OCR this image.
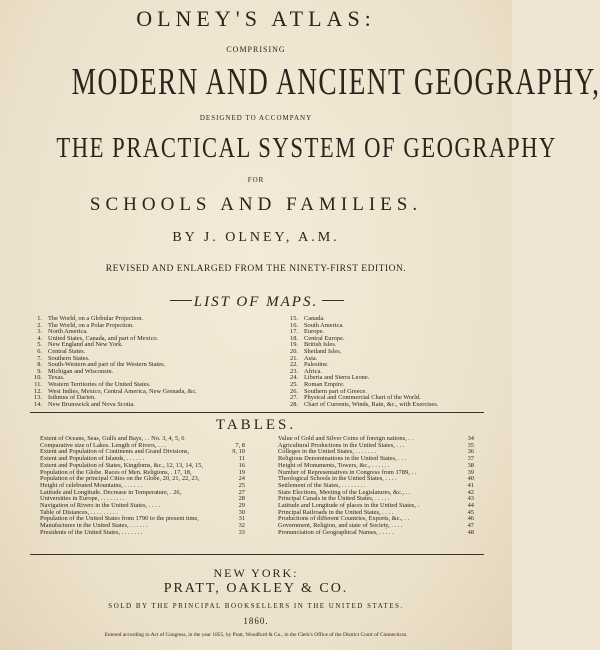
OLNEY'S ATLAS:
COMPRISING
MODERN AND ANCIENT GEOGRAPHY,
DESIGNED TO ACCOMPANY
THE PRACTICAL SYSTEM OF GEOGRAPHY
FOR
SCHOOLS AND FAMILIES.
BY J. OLNEY, A.M.
REVISED AND ENLARGED FROM THE NINETY-FIRST EDITION.
LIST OF MAPS.
1. The World, on a Globular Projection.
2. The World, on a Polar Projection.
3. North America.
4. United States, Canada, and part of Mexico.
5. New England and New York.
6. Central States.
7. Southern States.
8. South-Western and part of the Western States.
9. Michigan and Wisconsin.
10. Texas.
11. Western Territories of the United States.
12. West Indies, Mexico, Central America, New Grenada, &c.
13. Isthmus of Darien.
14. New Brunswick and Nova Scotia.
15. Canada.
16. South America.
17. Europe.
18. Central Europe.
19. British Isles.
20. Shetland Isles.
21. Asia.
22. Palestine.
23. Africa.
24. Liberia and Sierra Leone.
25. Roman Empire.
26. Southern part of Greece.
27. Physical and Commercial Chart of the World.
28. Chart of Currents, Winds, Rain, &c., with Exercises.
TABLES.
Extent of Oceans, Seas, Gulfs and Bays, . . No. 3, 4, 5, 6
Comparative size of Lakes. Length of Rivers, . . .	7, 8
Extent and Population of Continents and Grand Divisions,	9, 10
Extent and Population of Islands, . . . . . .	11
Extent and Population of States, Kingdoms, &c., 12, 13, 14, 15,	16
Population of the Globe. Races of Men. Religions, . 17, 18,	19
Population of the principal Cities on the Globe, 20, 21, 22, 23,	24
Height of celebrated Mountains, . . . . . .	25
Latitude and Longitude. Decrease in Temperature, . 26,	27
Universities in Europe, . . . . . . . .	28
Navigation of Rivers in the United States, . . . .	29
Table of Distances, . . . . . . . . .	30
Population of the United States from 1790 to the present time,	31
Manufactures in the United States, . . . . . .	32
Presidents of the United States, . . . . . . .	33
Value of Gold and Silver Coins of foreign nations, . .	34
Agricultural Productions in the United States, . . .	35
Colleges in the United States, . . . . . . .	36
Religious Denominations in the United States, . . .	37
Height of Monuments, Towers, &c., . . . . . .	38
Number of Representatives in Congress from 1789, . .	39
Theological Schools in the United States, . . . .	40
Settlement of the States, . . . . . . . .	41
State Elections, Meeting of the Legislatures, &c., . .	42
Principal Canals in the United States, . . . . .	43
Latitude and Longitude of places in the United States, .	44
Principal Railroads in the United States, . . . .	45
Productions of different Countries, Exports, &c., . .	46
Government, Religion, and state of Society, . . . .	47
Pronunciation of Geographical Names, . . . . .	48
NEW YORK:
PRATT, OAKLEY & CO.
SOLD BY THE PRINCIPAL BOOKSELLERS IN THE UNITED STATES.
1860.
Entered according to Act of Congress, in the year 1855, by Pratt, Woodford & Co., in the Clerk's Office of the District Court of Connecticut.
